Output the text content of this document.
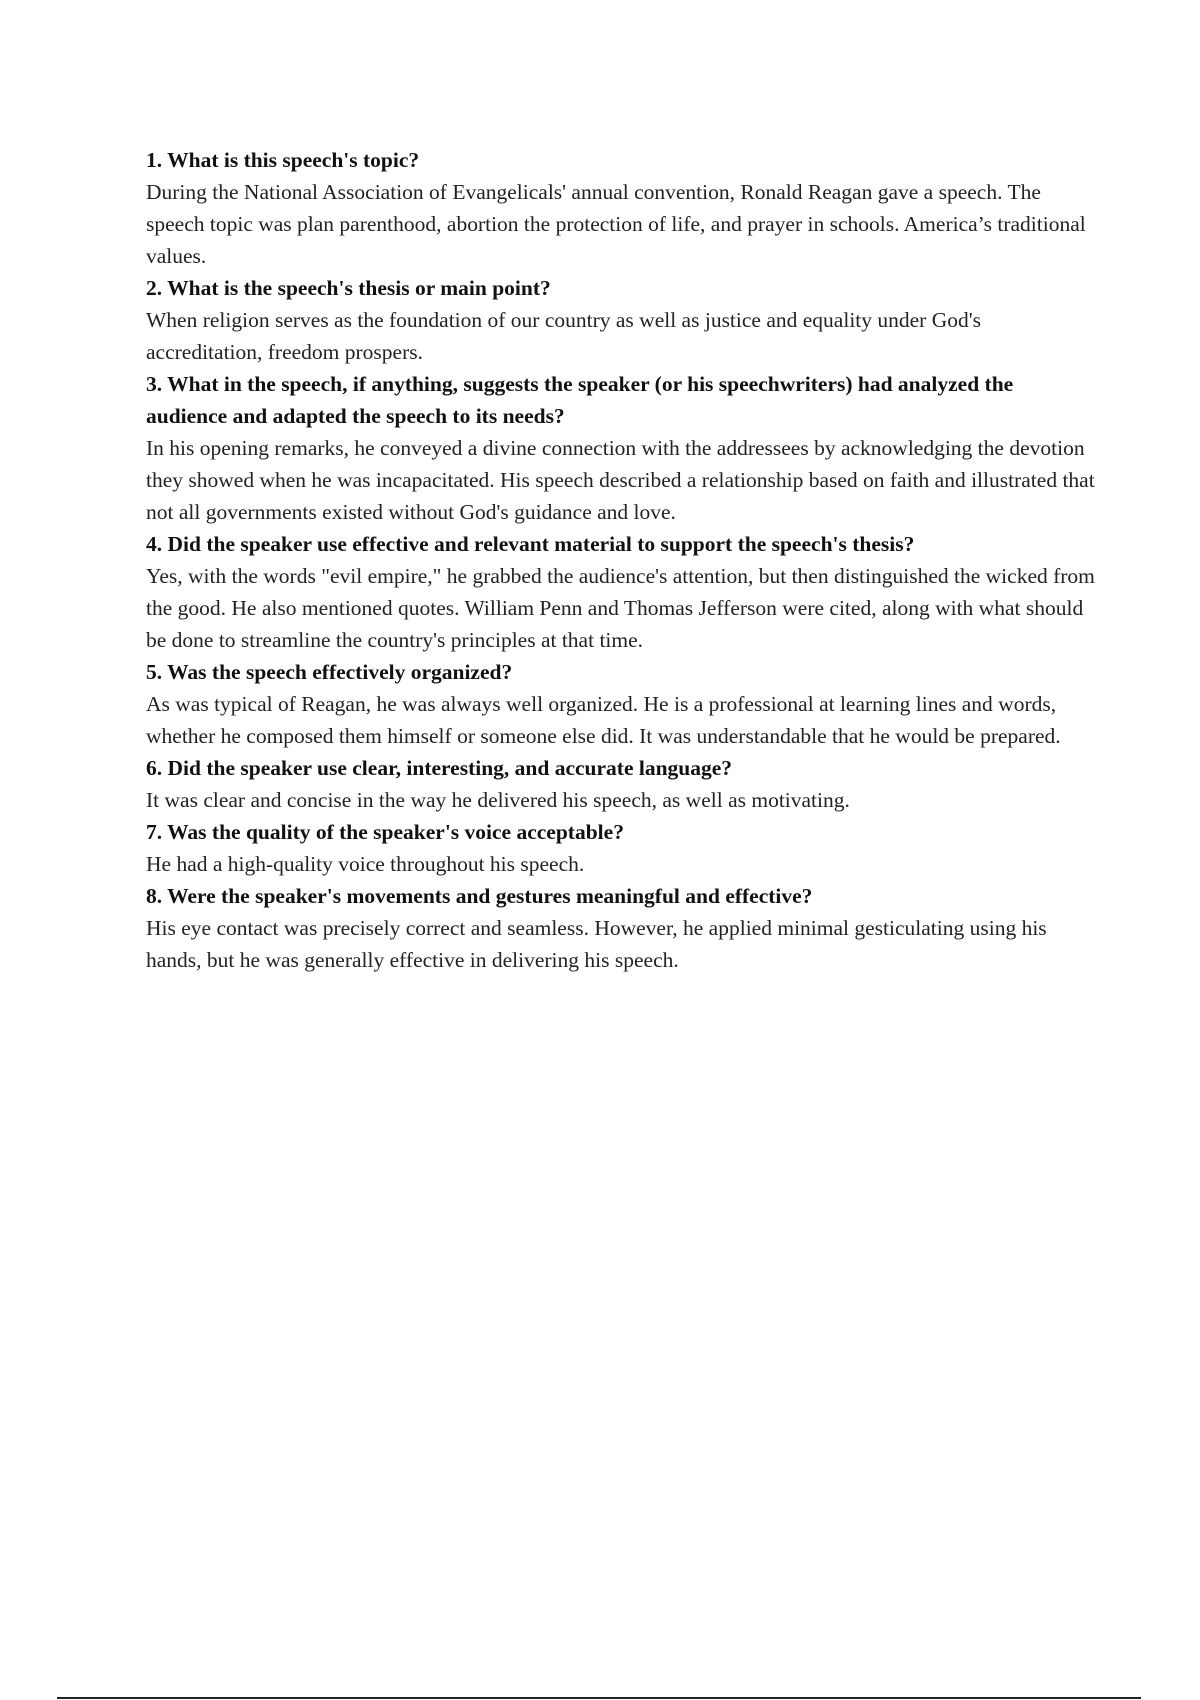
1. What is this speech's topic?

During the National Association of Evangelicals' annual convention, Ronald Reagan gave a speech. The speech topic was plan parenthood, abortion the protection of life, and prayer in schools. America’s traditional values.

2. What is the speech's thesis or main point?

When religion serves as the foundation of our country as well as justice and equality under God's accreditation, freedom prospers.

3. What in the speech, if anything, suggests the speaker (or his speechwriters) had analyzed the audience and adapted the speech to its needs?

In his opening remarks, he conveyed a divine connection with the addressees by acknowledging the devotion they showed when he was incapacitated. His speech described a relationship based on faith and illustrated that not all governments existed without God's guidance and love.

4. Did the speaker use effective and relevant material to support the speech's thesis?

Yes, with the words "evil empire," he grabbed the audience's attention, but then distinguished the wicked from the good. He also mentioned quotes. William Penn and Thomas Jefferson were cited, along with what should be done to streamline the country's principles at that time.

5. Was the speech effectively organized?

As was typical of Reagan, he was always well organized. He is a professional at learning lines and words, whether he composed them himself or someone else did. It was understandable that he would be prepared.

6. Did the speaker use clear, interesting, and accurate language?

It was clear and concise in the way he delivered his speech, as well as motivating.

7. Was the quality of the speaker's voice acceptable?

He had a high-quality voice throughout his speech.

8. Were the speaker's movements and gestures meaningful and effective?

His eye contact was precisely correct and seamless. However, he applied minimal gesticulating using his hands, but he was generally effective in delivering his speech.
